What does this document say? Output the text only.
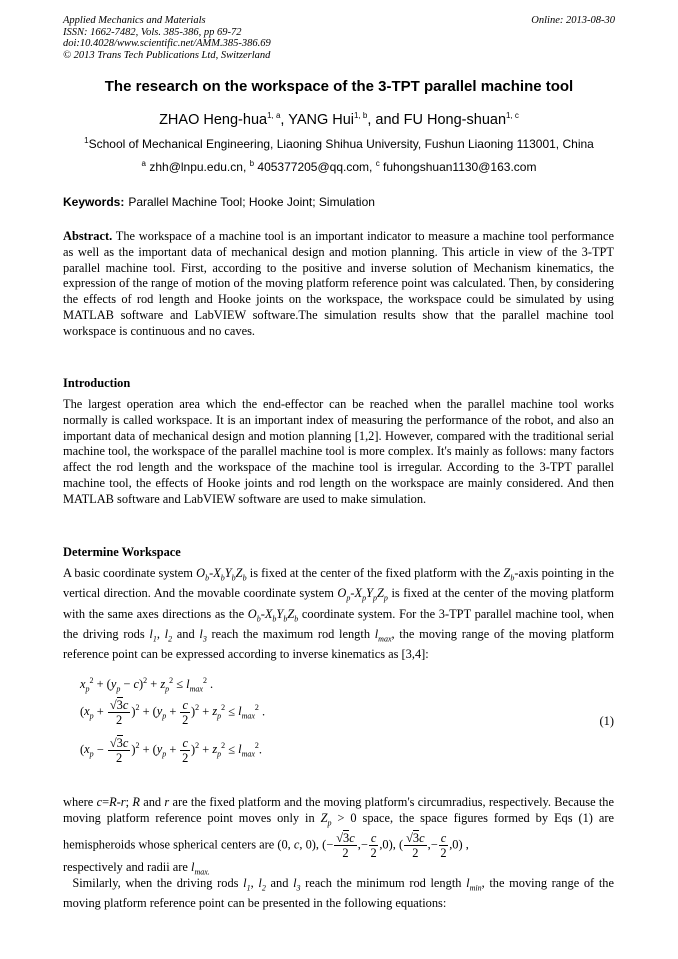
Applied Mechanics and Materials
ISSN: 1662-7482, Vols. 385-386, pp 69-72
doi:10.4028/www.scientific.net/AMM.385-386.69
© 2013 Trans Tech Publications Ltd, Switzerland
Online: 2013-08-30
The research on the workspace of the 3-TPT parallel machine tool
ZHAO Heng-hua$^{1, a}$, YANG Hui$^{1, b}$, and FU Hong-shuan$^{1, c}$
$^1$School of Mechanical Engineering, Liaoning Shihua University, Fushun Liaoning 113001, China
$^a$ zhh@lnpu.edu.cn, $^b$ 405377205@qq.com, $^c$ fuhongshuan1130@163.com
Keywords: Parallel Machine Tool; Hooke Joint; Simulation
Abstract. The workspace of a machine tool is an important indicator to measure a machine tool performance as well as the important data of mechanical design and motion planning. This article in view of the 3-TPT parallel machine tool. First, according to the positive and inverse solution of Mechanism kinematics, the expression of the range of motion of the moving platform reference point was calculated. Then, by considering the effects of rod length and Hooke joints on the workspace, the workspace could be simulated by using MATLAB software and LabVIEW software.The simulation results show that the parallel machine tool workspace is continuous and no caves.
Introduction
The largest operation area which the end-effector can be reached when the parallel machine tool works normally is called workspace. It is an important index of measuring the performance of the robot, and also an important data of mechanical design and motion planning [1,2]. However, compared with the traditional serial machine tool, the workspace of the parallel machine tool is more complex. It's mainly as follows: many factors affect the rod length and the workspace of the machine tool is irregular. According to the 3-TPT parallel machine tool, the effects of Hooke joints and rod length on the workspace are mainly considered. And then MATLAB software and LabVIEW software are used to make simulation.
Determine Workspace
A basic coordinate system $O_b-X_bY_bZ_b$ is fixed at the center of the fixed platform with the $Z_b$-axis pointing in the vertical direction. And the movable coordinate system $O_p-X_pY_pZ_p$ is fixed at the center of the moving platform with the same axes directions as the $O_b-X_bY_bZ_b$ coordinate system. For the 3-TPT parallel machine tool, when the driving rods $l_1$, $l_2$ and $l_3$ reach the maximum rod length $l_{max}$, the moving range of the moving platform reference point can be expressed according to inverse kinematics as [3,4]:
$x_p^2 + (y_p - c)^2 + z_p^2 \le l_{max}^2$ .
$(x_p + \frac{√3c}{2} )^2 + (y_p + \frac{c}{2} )^2 + z_p^2 \le l_{max}^2$ .
$(x_p - \frac{√3c}{2} )^2 + (y_p + \frac{c}{2} )^2 + z_p^2 \le l_{max}^2$.
(1)
where c=R-r; R and r are the fixed platform and the moving platform's circumradius, respectively. Because the moving platform reference point moves only in $Z_p > 0$ space, the space figures formed by Eqs (1) are hemispheroids whose spherical centers are (0, c, 0), (− $\frac{√3c}{2}$ ,− $\frac{c}{2} ,0$), ( $\frac{√3c}{2}$ ,− $\frac{c}{2} ,0$) ,
respectively and radii are $l_{max.}$
Similarly, when the driving rods $l_1$, $l_2$ and $l_3$ reach the minimum rod length $l_{min}$, the moving range of the moving platform reference point can be presented in the following equations:
